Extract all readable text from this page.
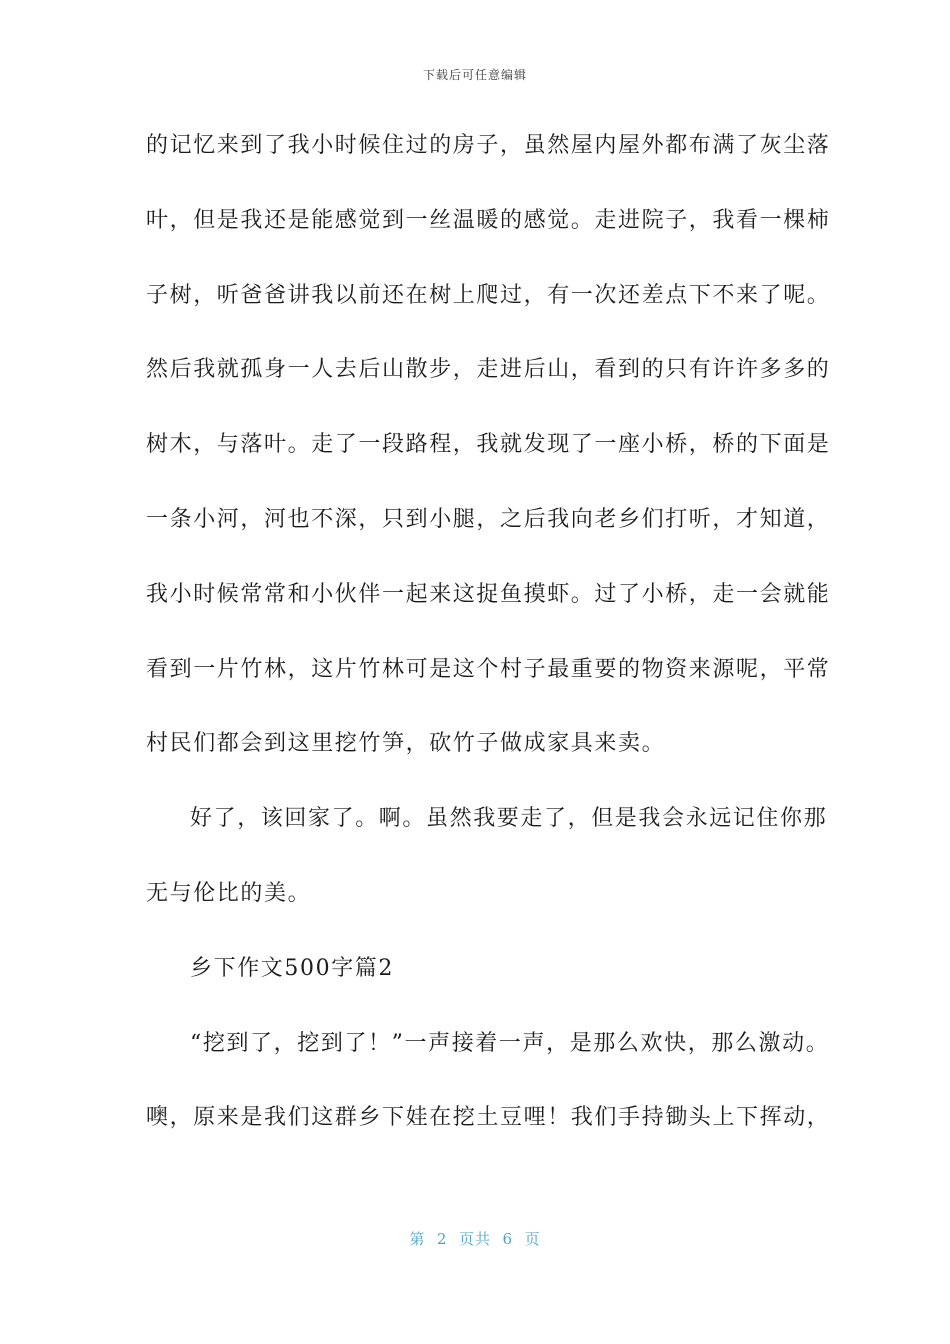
下载后可任意编辑
的记忆来到了我小时候住过的房子，虽然屋内屋外都布满了灰尘落
叶，但是我还是能感觉到一丝温暖的感觉。走进院子，我看一棵柿
子树，听爸爸讲我以前还在树上爬过，有一次还差点下不来了呢。
然后我就孤身一人去后山散步，走进后山，看到的只有许许多多的
树木，与落叶。走了一段路程，我就发现了一座小桥，桥的下面是
一条小河，河也不深，只到小腿，之后我向老乡们打听，才知道，
我小时候常常和小伙伴一起来这捉鱼摸虾。过了小桥，走一会就能
看到一片竹林，这片竹林可是这个村子最重要的物资来源呢，平常
村民们都会到这里挖竹笋，砍竹子做成家具来卖。
好了，该回家了。啊。虽然我要走了，但是我会永远记住你那
无与伦比的美。
乡下作文500字篇2
“挖到了，挖到了！”一声接着一声，是那么欢快，那么激动。
噢，原来是我们这群乡下娃在挖土豆哩！我们手持锄头上下挥动，
第  2  页共  6  页
